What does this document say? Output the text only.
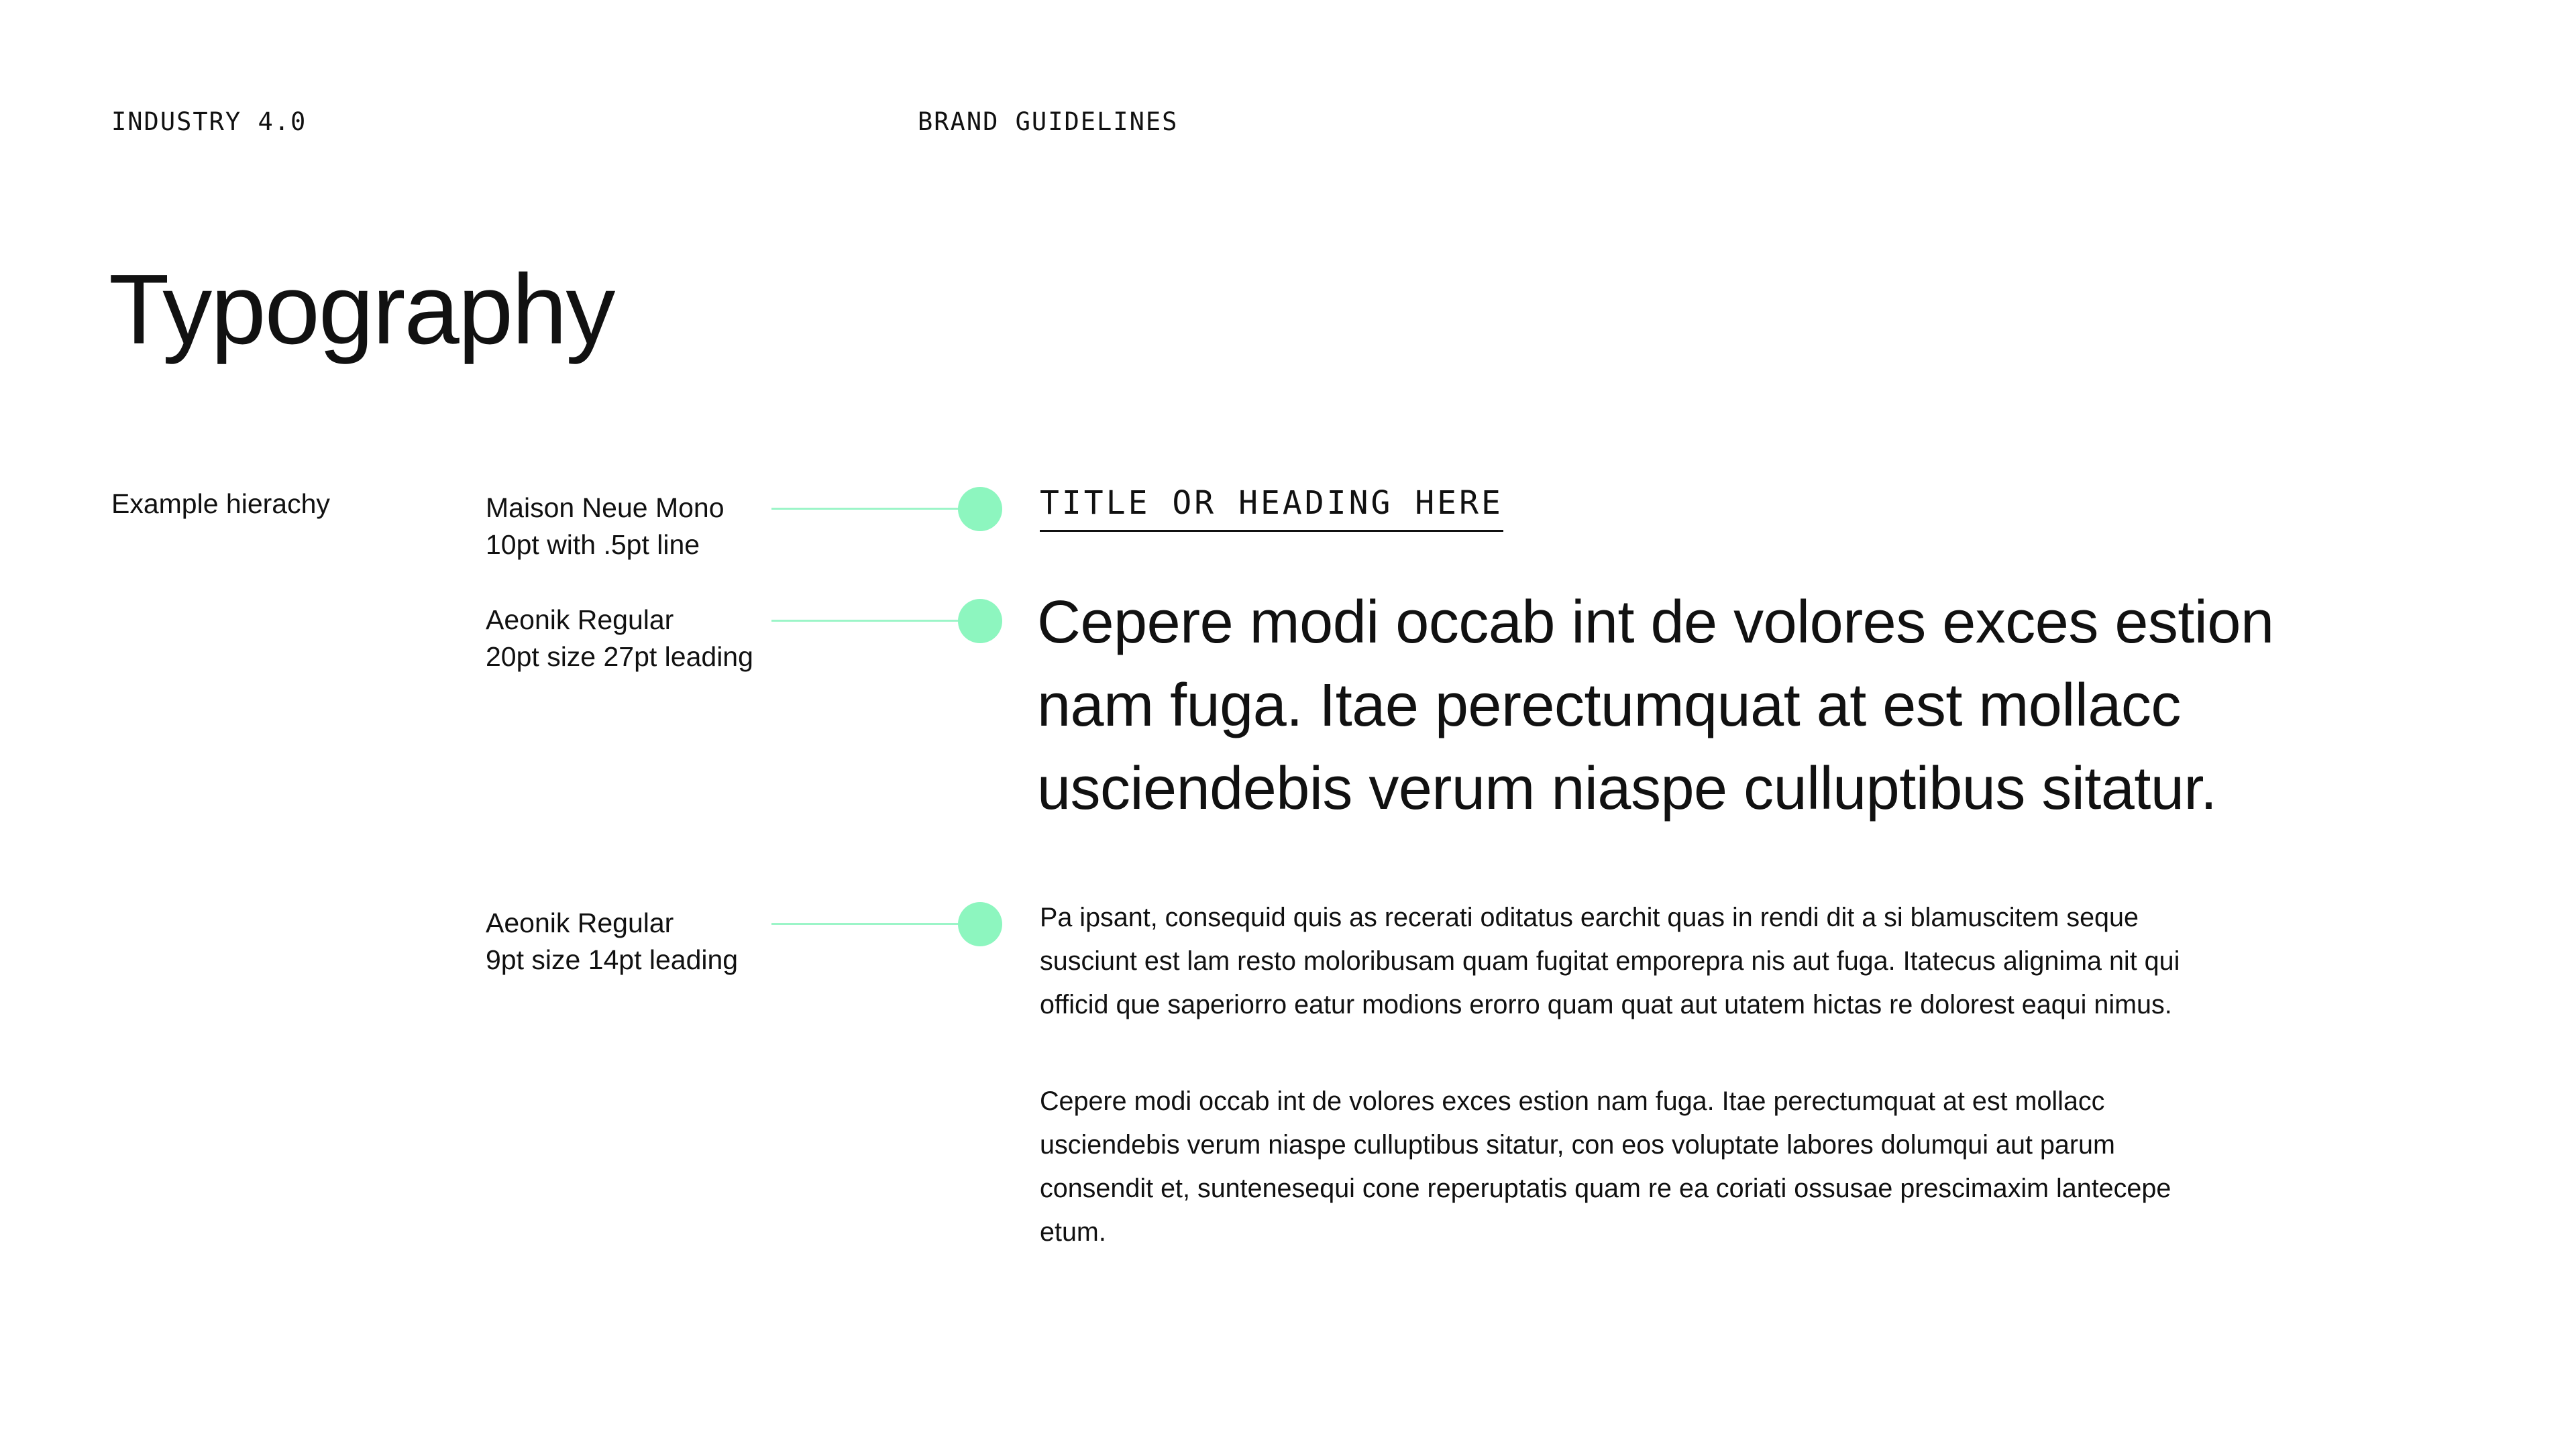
INDUSTRY 4.0	BRAND GUIDELINES
Typography
Example hierachy	Maison Neue Mono
10pt with .5pt line
Aeonik Regular
20pt size 27pt leading
Aeonik Regular
9pt size 14pt leading
TITLE OR HEADING HERE

Cepere modi occab int de volores exces estion nam fuga. Itae perectumquat at est mollacc usciendebis verum niaspe culluptibus sitatur.

Pa ipsant, consequid quis as recerati oditatus earchit quas in rendi dit a si blamuscitem seque susciunt est lam resto moloribusam quam fugitat emporepra nis aut fuga. Itatecus alignima nit qui officid que saperiorro eatur modions erorro quam quat aut utatem hictas re dolorest eaqui nimus.

Cepere modi occab int de volores exces estion nam fuga. Itae perectumquat at est mollacc usciendebis verum niaspe culluptibus sitatur, con eos voluptate labores dolumqui aut parum consendit et, suntenesequi cone reperuptatis quam re ea coriati ossusae prescimaxim lantecepe etum.
